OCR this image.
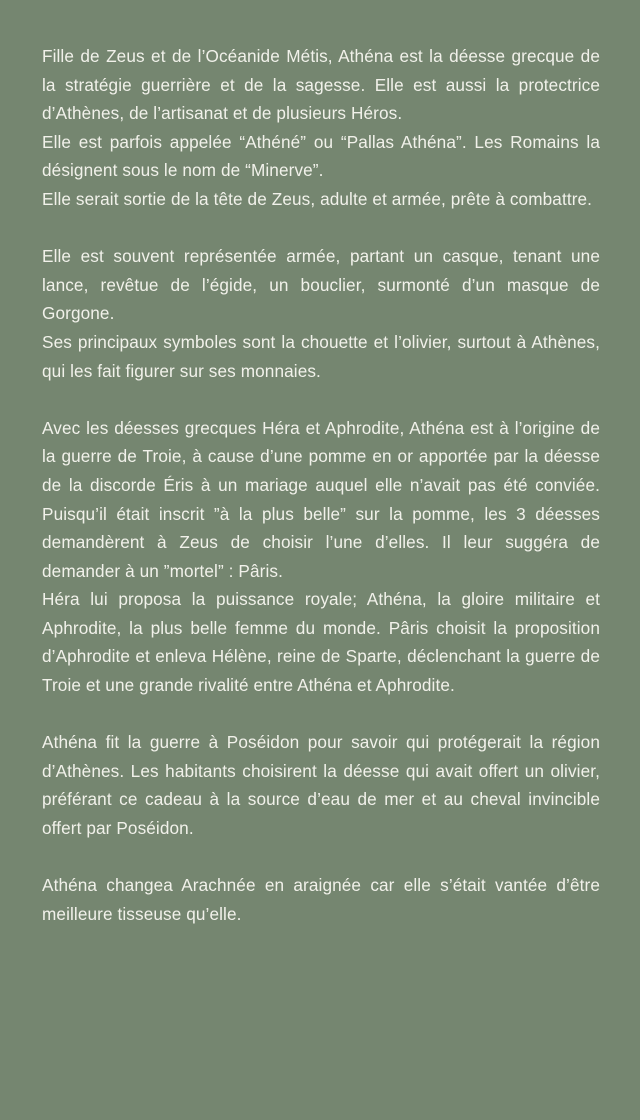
Fille de Zeus et de l’Océanide Métis, Athéna est la déesse grecque de la stratégie guerrière et de la sagesse. Elle est aussi la protectrice d’Athènes, de l’artisanat et de plusieurs Héros.

Elle est parfois appelée “Athéné” ou “Pallas Athéna”. Les Romains la désignent sous le nom de “Minerve”.

Elle serait sortie de la tête de Zeus, adulte et armée, prête à combattre.

Elle est souvent représentée armée, partant un casque, tenant une lance, revêtue de l’égide, un bouclier, surmonté d’un masque de Gorgone.

Ses principaux symboles sont la chouette et l’olivier, surtout à Athènes, qui les fait figurer sur ses monnaies.

Avec les déesses grecques Héra et Aphrodite, Athéna est à l’origine de la guerre de Troie, à cause d’une pomme en or apportée par la déesse de la discorde Éris à un mariage auquel elle n’avait pas été conviée. Puisqu’il était inscrit ”à la plus belle” sur la pomme, les 3 déesses demandèrent à Zeus de choisir l’une d’elles. Il leur suggéra de demander à un ”mortel” : Pâris.

Héra lui proposa la puissance royale; Athéna, la gloire militaire et Aphrodite, la plus belle femme du monde. Pâris choisit la proposition d’Aphrodite et enleva Hélène, reine de Sparte, déclenchant la guerre de Troie et une grande rivalité entre Athéna et Aphrodite.

Athéna fit la guerre à Poséidon pour savoir qui protégerait la région d’Athènes. Les habitants choisirent la déesse qui avait offert un olivier, préférant ce cadeau à la source d’eau de mer et au cheval invincible offert par Poséidon.

Athéna changea Arachnée en araignée car elle s’était vantée d’être meilleure tisseuse qu’elle.
